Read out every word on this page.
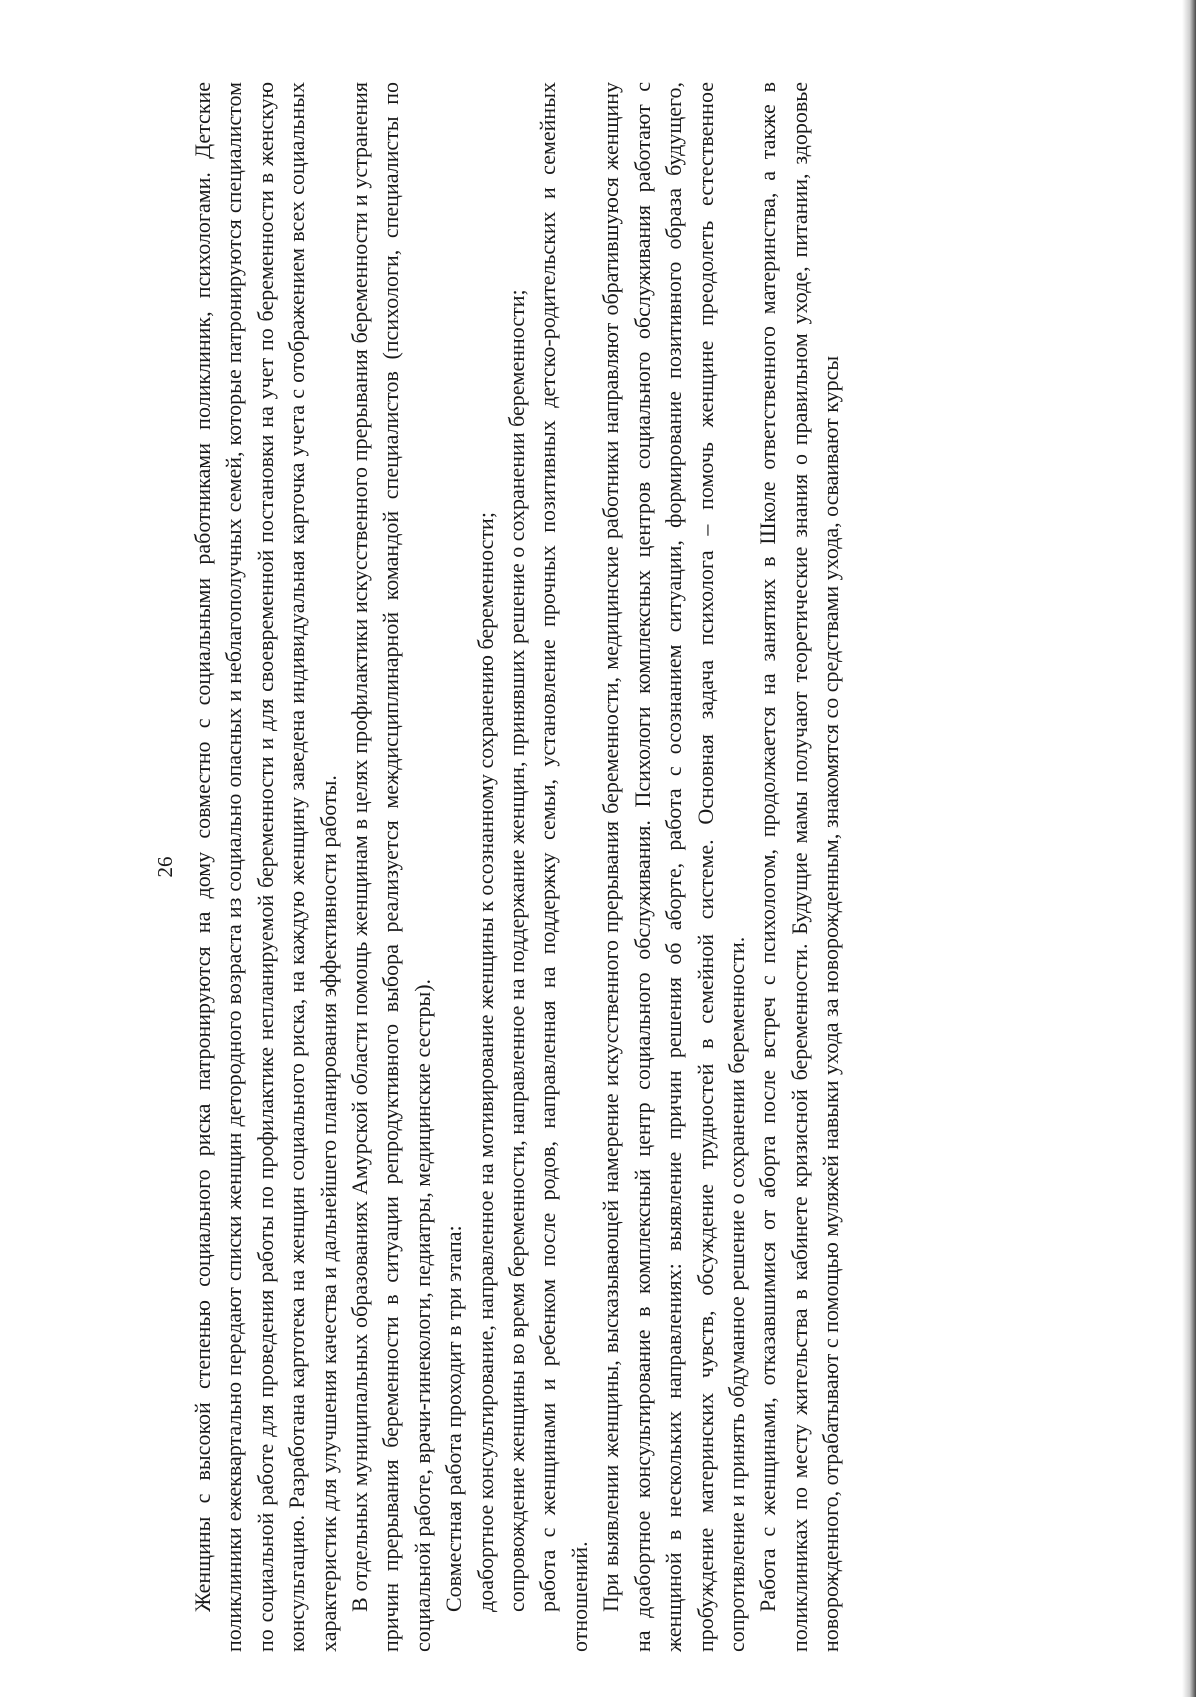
26 Женщины с высокой степенью социального риска патронируются на дому совместно с социальными работниками поликлиник, психологами. Детские поликлиники ежеквартально передают списки женщин детородного возраста из социально опасных и неблагополучных семей, которые патронируются специалистом по социальной работе для проведения работы по профилактике непланируемой беременности и для своевременной постановки на учет по беременности в женскую консультацию. Разработана картотека на женщин социального риска, на каждую женщину заведена индивидуальная карточка учета с отображением всех социальных характеристик для улучшения качества и дальнейшего планирования эффективности работы. В отдельных муниципальных образованиях Амурской области помощь женщинам в целях профилактики искусственного прерывания беременности и устранения причин прерывания беременности в ситуации репродуктивного выбора реализуется междисциплинарной командой специалистов (психологи, специалисты по социальной работе, врачи-гинекологи, педиатры, медицинские сестры). Совместная работа проходит в три этапа: доабортное консультирование, направленное на мотивирование женщины к осознанному сохранению беременности; сопровождение женщины во время беременности, направленное на поддержание женщин, принявших решение о сохранении беременности; работа с женщинами и ребенком после родов, направленная на поддержку семьи, установление прочных позитивных детско-родительских и семейных отношений. При выявлении женщины, высказывающей намерение искусственного прерывания беременности, медицинские работники направляют обратившуюся женщину на доабортное консультирование в комплексный центр социального обслуживания. Психологи комплексных центров социального обслуживания работают с женщиной в нескольких направлениях: выявление причин решения об аборте, работа с осознанием ситуации, формирование позитивного образа будущего, пробуждение материнских чувств, обсуждение трудностей в семейной системе. Основная задача психолога – помочь женщине преодолеть естественное сопротивление и принять обдуманное решение о сохранении беременности. Работа с женщинами, отказавшимися от аборта после встреч с психологом, продолжается на занятиях в Школе ответственного материнства, а также в поликлиниках по месту жительства в кабинете кризисной беременности. Будущие мамы получают теоретические знания о правильном уходе, питании, здоровье новорожденного, отрабатывают с помощью муляжей навыки ухода за новорожденным, знакомятся со средствами ухода, осваивают курсы
